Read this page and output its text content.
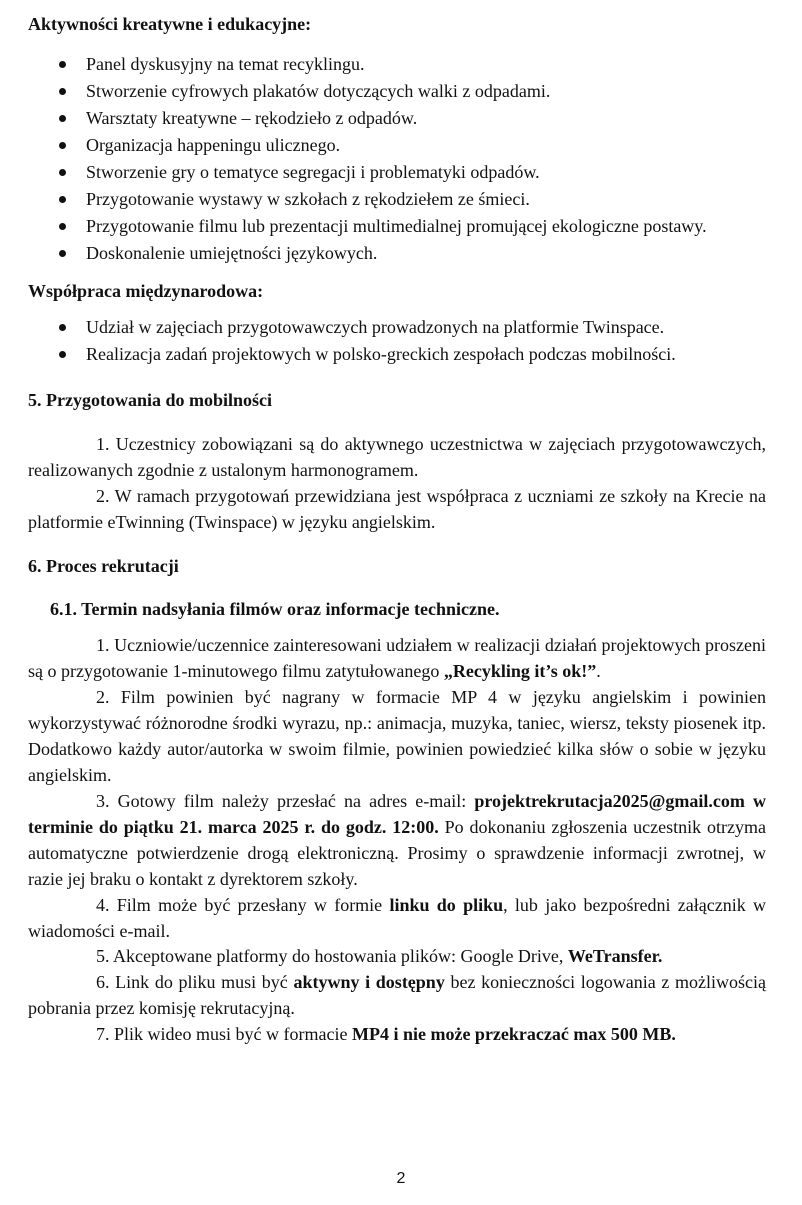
Aktywności kreatywne i edukacyjne:
Panel dyskusyjny na temat recyklingu.
Stworzenie cyfrowych plakatów dotyczących walki z odpadami.
Warsztaty kreatywne – rękodzieło z odpadów.
Organizacja happeningu ulicznego.
Stworzenie gry o tematyce segregacji i problematyki odpadów.
Przygotowanie wystawy w szkołach z rękodziełem ze śmieci.
Przygotowanie filmu lub prezentacji multimedialnej promującej ekologiczne postawy.
Doskonalenie umiejętności językowych.
Współpraca międzynarodowa:
Udział w zajęciach przygotowawczych prowadzonych na platformie Twinspace.
Realizacja zadań projektowych w polsko-greckich zespołach podczas mobilności.
5. Przygotowania do mobilności

1. Uczestnicy zobowiązani są do aktywnego uczestnictwa w zajęciach przygotowawczych, realizowanych zgodnie z ustalonym harmonogramem.

2. W ramach przygotowań przewidziana jest współpraca z uczniami ze szkoły na Krecie na platformie eTwinning (Twinspace) w języku angielskim.

6. Proces rekrutacji
6.1. Termin nadsyłania filmów oraz informacje techniczne.

1. Uczniowie/uczennice zainteresowani udziałem w realizacji działań projektowych proszeni są o przygotowanie 1-minutowego filmu zatytułowanego „Recykling it’s ok!”.

2. Film powinien być nagrany w formacie MP 4 w języku angielskim i powinien wykorzystywać różnorodne środki wyrazu, np.: animacja, muzyka, taniec, wiersz, teksty piosenek itp. Dodatkowo każdy autor/autorka w swoim filmie, powinien powiedzieć kilka słów o sobie w języku angielskim.

3. Gotowy film należy przesłać na adres e-mail: projektrekrutacja2025@gmail.com w terminie do piątku 21. marca 2025 r. do godz. 12:00. Po dokonaniu zgłoszenia uczestnik otrzyma automatyczne potwierdzenie drogą elektroniczną. Prosimy o sprawdzenie informacji zwrotnej, w razie jej braku o kontakt z dyrektorem szkoły.

4. Film może być przesłany w formie linku do pliku, lub jako bezpośredni załącznik w wiadomości e-mail.

5. Akceptowane platformy do hostowania plików: Google Drive, WeTransfer.

6. Link do pliku musi być aktywny i dostępny bez konieczności logowania z możliwością pobrania przez komisję rekrutacyjną.

7. Plik wideo musi być w formacie MP4 i nie może przekraczać max 500 MB.

2
